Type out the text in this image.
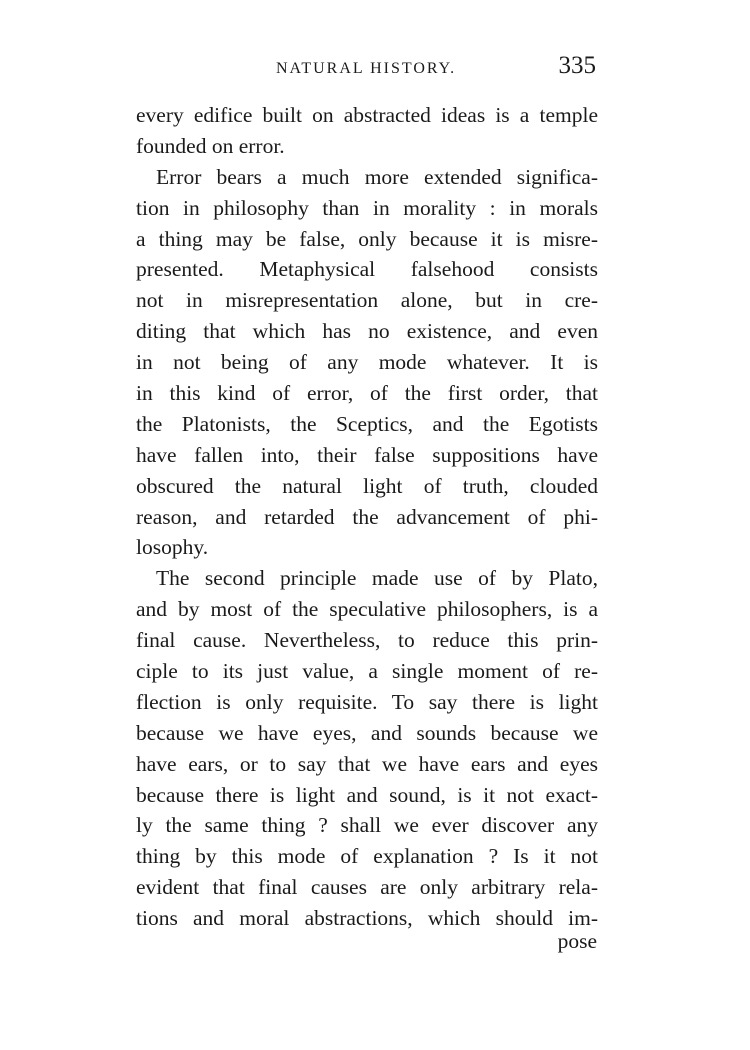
NATURAL HISTORY.	335
every edifice built on abstracted ideas is a temple
founded on error.
Error bears a much more extended significa-
tion in philosophy than in morality : in morals
a thing may be false, only because it is misre-
presented. Metaphysical falsehood consists
not in misrepresentation alone, but in cre-
diting that which has no existence, and even
in not being of any mode whatever. It is
in this kind of error, of the first order, that
the Platonists, the Sceptics, and the Egotists
have fallen into, their false suppositions have
obscured the natural light of truth, clouded
reason, and retarded the advancement of phi-
losophy.
The second principle made use of by Plato,
and by most of the speculative philosophers, is a
final cause. Nevertheless, to reduce this prin-
ciple to its just value, a single moment of re-
flection is only requisite. To say there is light
because we have eyes, and sounds because we
have ears, or to say that we have ears and eyes
because there is light and sound, is it not exact-
ly the same thing ? shall we ever discover any
thing by this mode of explanation ? Is it not
evident that final causes are only arbitrary rela-
tions and moral abstractions, which should im-
pose
